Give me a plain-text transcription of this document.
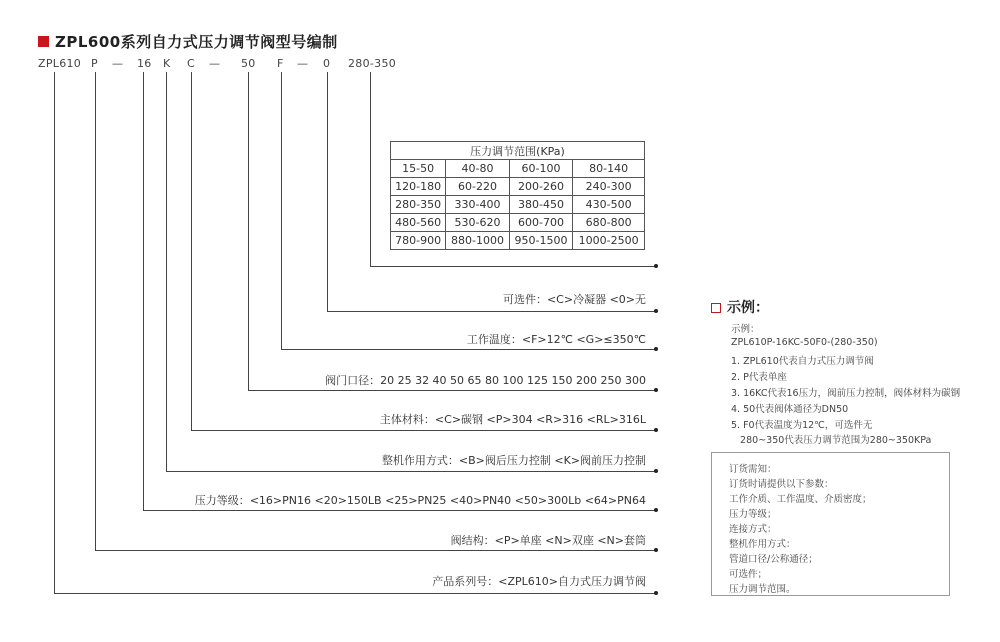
ZPL600系列自力式压力调节阀型号编制
ZPL610 P — 16 K C — 50 F — 0 280-350
压力调节范围(KPa)			
15-50	40-80	60-100	80-140
120-180	60-220	200-260	240-300
280-350	330-400	380-450	430-500
480-560	530-620	600-700	680-800
780-900	880-1000	950-1500	1000-2500
可选件：<C>冷凝器 <0>无
工作温度：<F>12℃ <G>≤350℃
阀门口径：20 25 32 40 50 65 80 100 125 150 200 250 300
主体材料：<C>碳钢 <P>304 <R>316 <RL>316L
整机作用方式：<B>阀后压力控制 <K>阀前压力控制
压力等级：<16>PN16 <20>150LB <25>PN25 <40>PN40 <50>300Lb <64>PN64
阀结构：<P>单座 <N>双座 <N>套筒
产品系列号：<ZPL610>自力式压力调节阀
示例：
示例：
ZPL610P-16KC-50F0-(280-350)
1. ZPL610代表自力式压力调节阀
2. P代表单座
3. 16KC代表16压力，阀前压力控制，阀体材料为碳钢
4. 50代表阀体通径为DN50
5. F0代表温度为12℃，可选件无
280~350代表压力调节范围为280~350KPa
订货需知：
订货时请提供以下参数：
工作介质、工作温度、介质密度；
压力等级；
连接方式：
整机作用方式：
管道口径/公称通径；
可选件；
压力调节范围。
